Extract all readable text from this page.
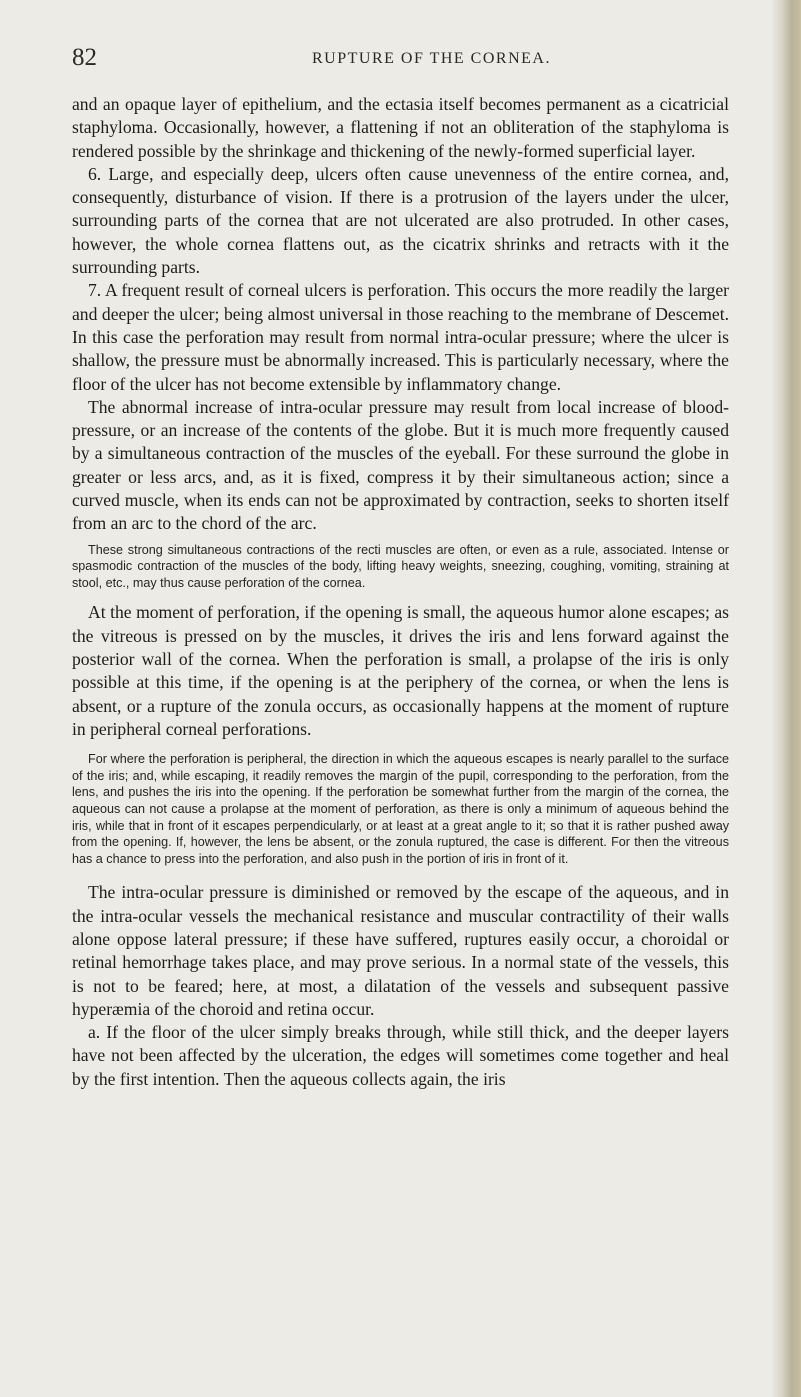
82	RUPTURE OF THE CORNEA.

and an opaque layer of epithelium, and the ectasia itself becomes permanent as a cicatricial staphyloma. Occasionally, however, a flattening if not an obliteration of the staphyloma is rendered possible by the shrinkage and thickening of the newly-formed superficial layer.

6. Large, and especially deep, ulcers often cause unevenness of the entire cornea, and, consequently, disturbance of vision. If there is a protrusion of the layers under the ulcer, surrounding parts of the cornea that are not ulcerated are also protruded. In other cases, however, the whole cornea flattens out, as the cicatrix shrinks and retracts with it the surrounding parts.

7. A frequent result of corneal ulcers is perforation. This occurs the more readily the larger and deeper the ulcer; being almost universal in those reaching to the membrane of Descemet. In this case the perforation may result from normal intra-ocular pressure; where the ulcer is shallow, the pressure must be abnormally increased. This is particularly necessary, where the floor of the ulcer has not become extensible by inflammatory change.

The abnormal increase of intra-ocular pressure may result from local increase of blood-pressure, or an increase of the contents of the globe. But it is much more frequently caused by a simultaneous contraction of the muscles of the eyeball. For these surround the globe in greater or less arcs, and, as it is fixed, compress it by their simultaneous action; since a curved muscle, when its ends can not be approximated by contraction, seeks to shorten itself from an arc to the chord of the arc.

These strong simultaneous contractions of the recti muscles are often, or even as a rule, associated. Intense or spasmodic contraction of the muscles of the body, lifting heavy weights, sneezing, coughing, vomiting, straining at stool, etc., may thus cause perforation of the cornea.

At the moment of perforation, if the opening is small, the aqueous humor alone escapes; as the vitreous is pressed on by the muscles, it drives the iris and lens forward against the posterior wall of the cornea. When the perforation is small, a prolapse of the iris is only possible at this time, if the opening is at the periphery of the cornea, or when the lens is absent, or a rupture of the zonula occurs, as occasionally happens at the moment of rupture in peripheral corneal perforations.

For where the perforation is peripheral, the direction in which the aqueous escapes is nearly parallel to the surface of the iris; and, while escaping, it readily removes the margin of the pupil, corresponding to the perforation, from the lens, and pushes the iris into the opening. If the perforation be somewhat further from the margin of the cornea, the aqueous can not cause a prolapse at the moment of perforation, as there is only a minimum of aqueous behind the iris, while that in front of it escapes perpendicularly, or at least at a great angle to it; so that it is rather pushed away from the opening. If, however, the lens be absent, or the zonula ruptured, the case is different. For then the vitreous has a chance to press into the perforation, and also push in the portion of iris in front of it.

The intra-ocular pressure is diminished or removed by the escape of the aqueous, and in the intra-ocular vessels the mechanical resistance and muscular contractility of their walls alone oppose lateral pressure; if these have suffered, ruptures easily occur, a choroidal or retinal hemorrhage takes place, and may prove serious. In a normal state of the vessels, this is not to be feared; here, at most, a dilatation of the vessels and subsequent passive hyperæmia of the choroid and retina occur.

a. If the floor of the ulcer simply breaks through, while still thick, and the deeper layers have not been affected by the ulceration, the edges will sometimes come together and heal by the first intention. Then the aqueous collects again, the iris
